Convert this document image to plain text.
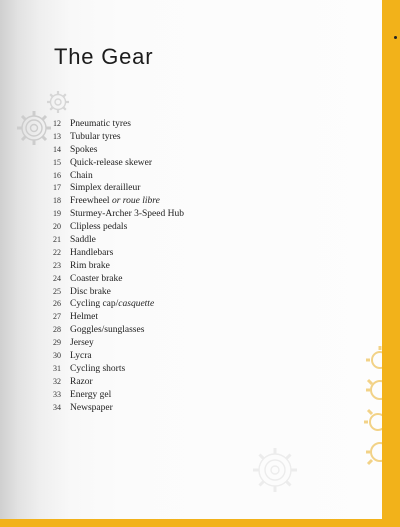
The Gear
12 Pneumatic tyres
13 Tubular tyres
14 Spokes
15 Quick-release skewer
16 Chain
17 Simplex derailleur
18 Freewheel or roue libre
19 Sturmey-Archer 3-Speed Hub
20 Clipless pedals
21 Saddle
22 Handlebars
23 Rim brake
24 Coaster brake
25 Disc brake
26 Cycling cap/casquette
27 Helmet
28 Goggles/sunglasses
29 Jersey
30 Lycra
31 Cycling shorts
32 Razor
33 Energy gel
34 Newspaper
